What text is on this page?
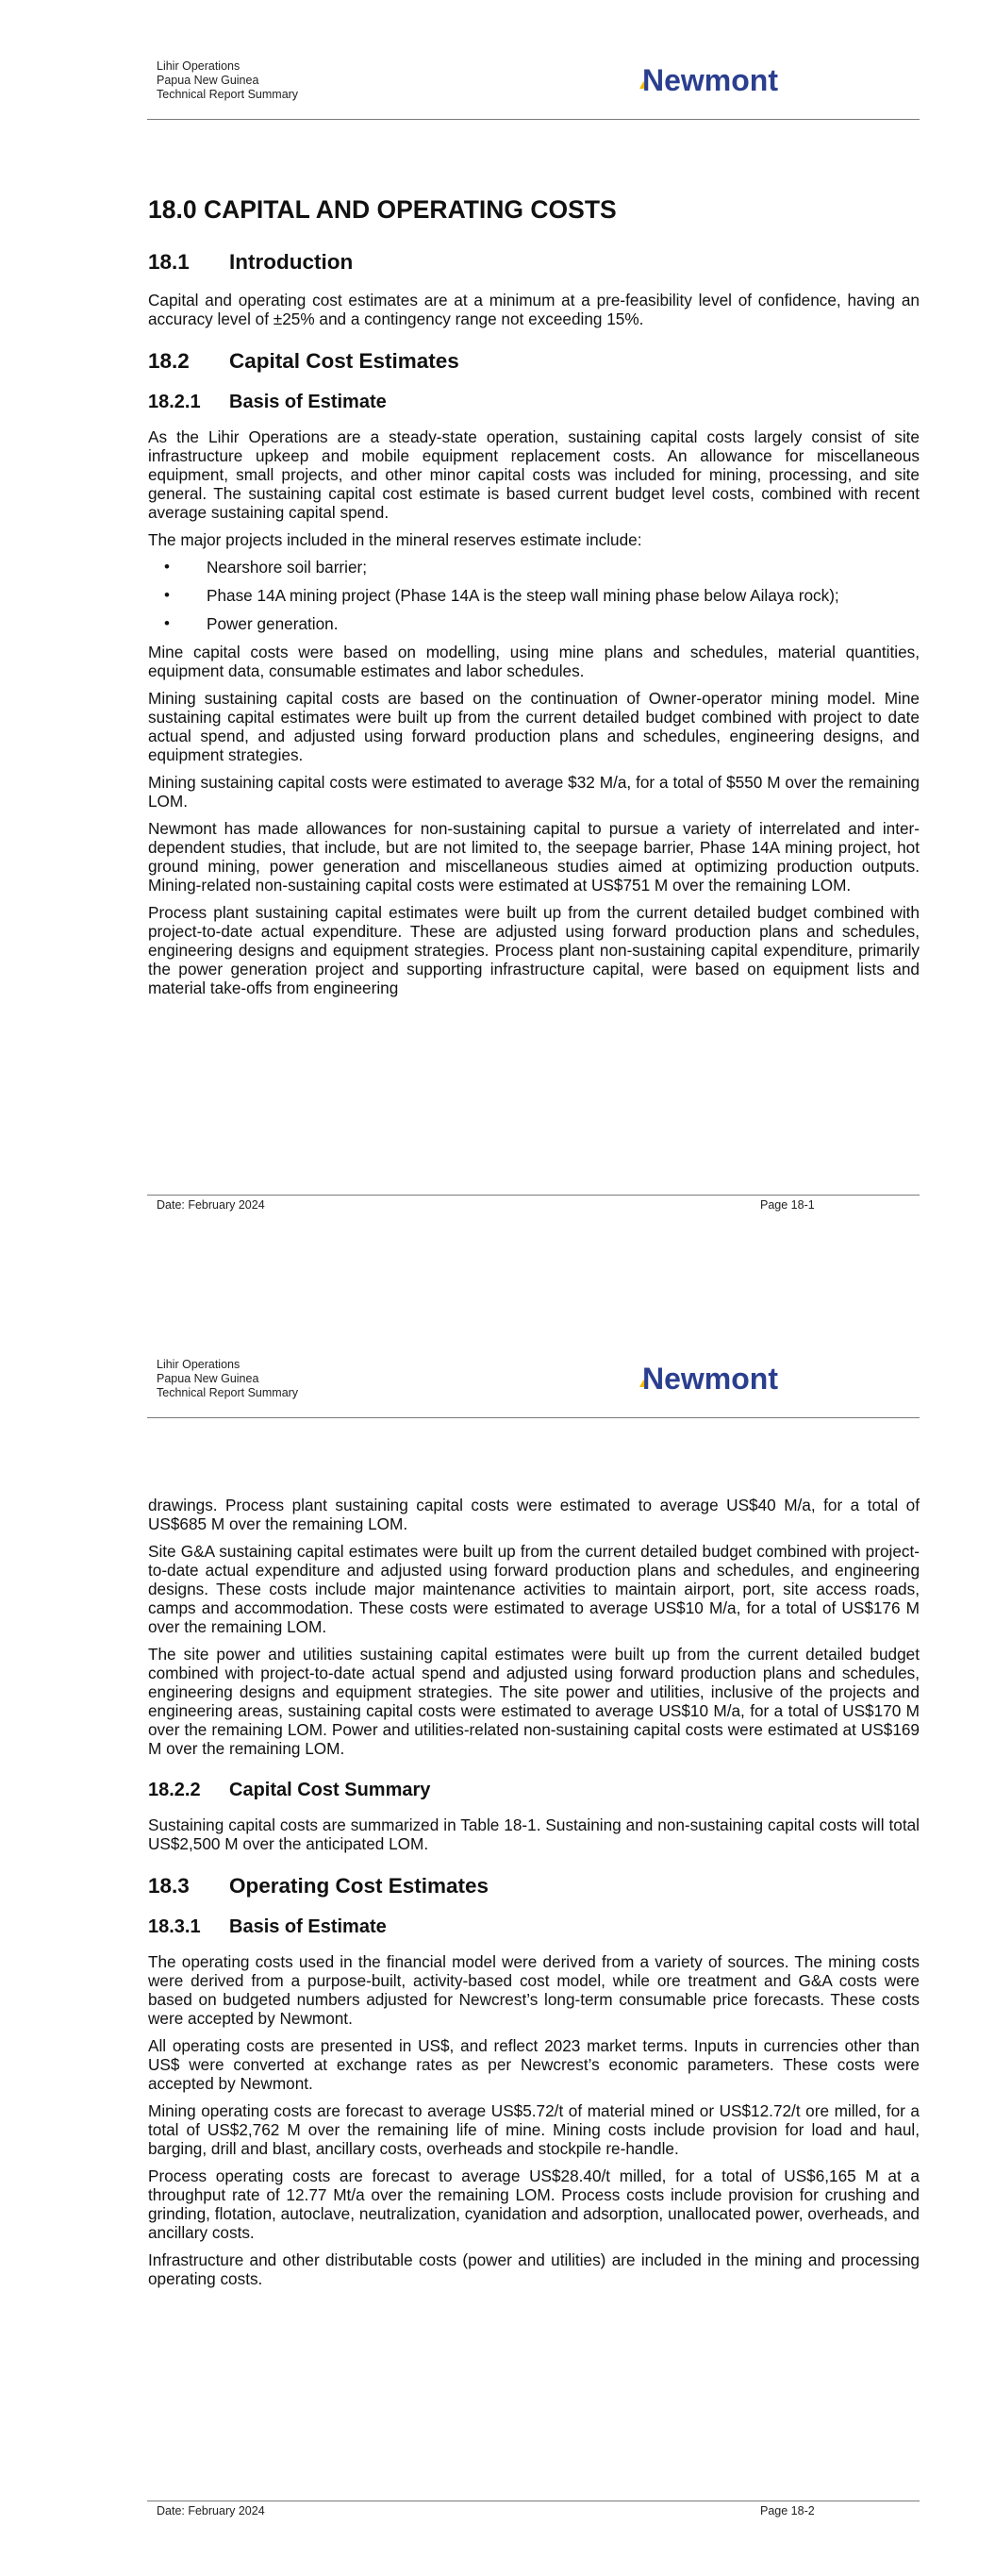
Lihir Operations
Papua New Guinea
Technical Report Summary	Newmont
18.0 CAPITAL AND OPERATING COSTS
18.1 Introduction

Capital and operating cost estimates are at a minimum at a pre-feasibility level of confidence, having an accuracy level of ±25% and a contingency range not exceeding 15%.

18.2 Capital Cost Estimates
18.2.1 Basis of Estimate

As the Lihir Operations are a steady-state operation, sustaining capital costs largely consist of site infrastructure upkeep and mobile equipment replacement costs. An allowance for miscellaneous equipment, small projects, and other minor capital costs was included for mining, processing, and site general. The sustaining capital cost estimate is based current budget level costs, combined with recent average sustaining capital spend.

The major projects included in the mineral reserves estimate include:

• Nearshore soil barrier;
• Phase 14A mining project (Phase 14A is the steep wall mining phase below Ailaya rock);
• Power generation.

Mine capital costs were based on modelling, using mine plans and schedules, material quantities, equipment data, consumable estimates and labor schedules.

Mining sustaining capital costs are based on the continuation of Owner-operator mining model. Mine sustaining capital estimates were built up from the current detailed budget combined with project to date actual spend, and adjusted using forward production plans and schedules, engineering designs, and equipment strategies.

Mining sustaining capital costs were estimated to average $32 M/a, for a total of $550 M over the remaining LOM.

Newmont has made allowances for non-sustaining capital to pursue a variety of interrelated and inter-dependent studies, that include, but are not limited to, the seepage barrier, Phase 14A mining project, hot ground mining, power generation and miscellaneous studies aimed at optimizing production outputs. Mining-related non-sustaining capital costs were estimated at US$751 M over the remaining LOM.

Process plant sustaining capital estimates were built up from the current detailed budget combined with project-to-date actual expenditure. These are adjusted using forward production plans and schedules, engineering designs and equipment strategies. Process plant non-sustaining capital expenditure, primarily the power generation project and supporting infrastructure capital, were based on equipment lists and material take-offs from engineering

Date: February 2024	Page 18-1
Lihir Operations
Papua New Guinea
Technical Report Summary	Newmont

drawings. Process plant sustaining capital costs were estimated to average US$40 M/a, for a total of US$685 M over the remaining LOM.

Site G&A sustaining capital estimates were built up from the current detailed budget combined with project-to-date actual expenditure and adjusted using forward production plans and schedules, and engineering designs. These costs include major maintenance activities to maintain airport, port, site access roads, camps and accommodation. These costs were estimated to average US$10 M/a, for a total of US$176 M over the remaining LOM.

The site power and utilities sustaining capital estimates were built up from the current detailed budget combined with project-to-date actual spend and adjusted using forward production plans and schedules, engineering designs and equipment strategies. The site power and utilities, inclusive of the projects and engineering areas, sustaining capital costs were estimated to average US$10 M/a, for a total of US$170 M over the remaining LOM. Power and utilities-related non-sustaining capital costs were estimated at US$169 M over the remaining LOM.

18.2.2 Capital Cost Summary

Sustaining capital costs are summarized in Table 18-1. Sustaining and non-sustaining capital costs will total US$2,500 M over the anticipated LOM.

18.3 Operating Cost Estimates
18.3.1 Basis of Estimate

The operating costs used in the financial model were derived from a variety of sources. The mining costs were derived from a purpose-built, activity-based cost model, while ore treatment and G&A costs were based on budgeted numbers adjusted for Newcrest’s long-term consumable price forecasts. These costs were accepted by Newmont.

All operating costs are presented in US$, and reflect 2023 market terms. Inputs in currencies other than US$ were converted at exchange rates as per Newcrest’s economic parameters. These costs were accepted by Newmont.

Mining operating costs are forecast to average US$5.72/t of material mined or US$12.72/t ore milled, for a total of US$2,762 M over the remaining life of mine. Mining costs include provision for load and haul, barging, drill and blast, ancillary costs, overheads and stockpile re-handle.

Process operating costs are forecast to average US$28.40/t milled, for a total of US$6,165 M at a throughput rate of 12.77 Mt/a over the remaining LOM. Process costs include provision for crushing and grinding, flotation, autoclave, neutralization, cyanidation and adsorption, unallocated power, overheads, and ancillary costs.

Infrastructure and other distributable costs (power and utilities) are included in the mining and processing operating costs.

Date: February 2024	Page 18-2
